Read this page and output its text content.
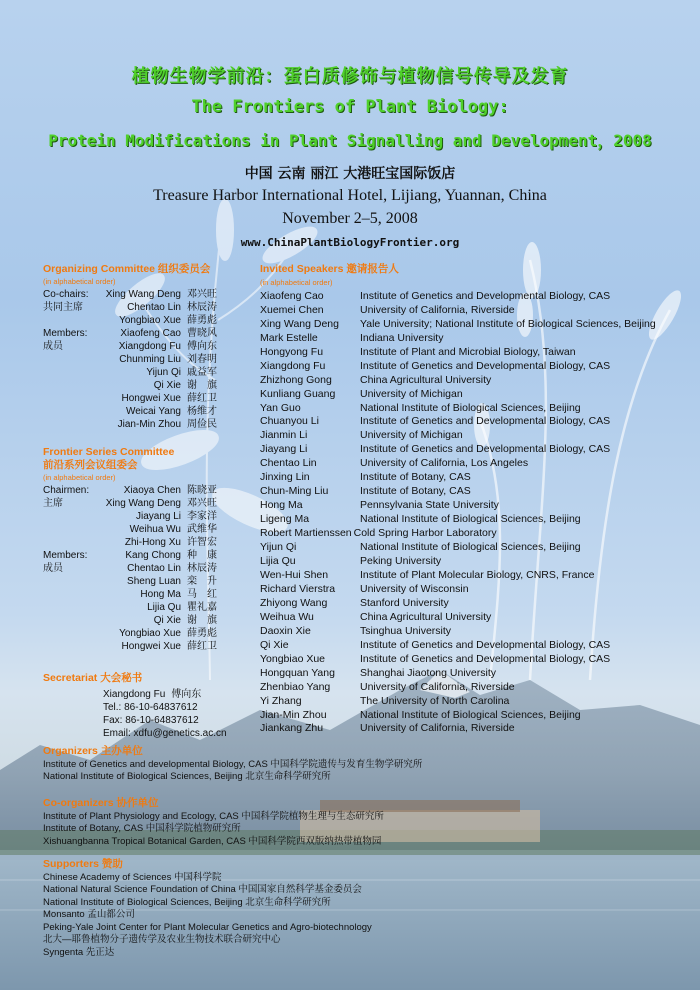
植物生物学前沿：蛋白质修饰与植物信号传导及发育
The Frontiers of Plant Biology:
Protein Modifications in Plant Signalling and Development，2008
中国 云南 丽江 大港旺宝国际饭店
Treasure Harbor International Hotel, Lijiang, Yuannan, China
November 2–5, 2008
www.ChinaPlantBiologyFrontier.org
Organizing Committee 组织委员会
(in alphabetical order)
Co-chairs:	Xing Wang Deng 邓兴旺
共同主席	Chentao Lin 林辰涛
Yongbiao Xue 薛勇彪
Members:	Xiaofeng Cao 曹晓风
成员	Xiangdong Fu 傅向东
Chunming Liu 刘春明
Yijun Qi 戚益军
Qi Xie 谢　旗
Hongwei Xue 薛红卫
Weicai Yang 杨维才
Jian-Min Zhou 周俭民
Frontier Series Committee
前沿系列会议组委会
(in alphabetical order)
Chairmen:	Xiaoya Chen 陈晓亚
主席	Xing Wang Deng 邓兴旺
Jiayang Li 李家洋
Weihua Wu 武维华
Zhi-Hong Xu 许智宏
Members:	Kang Chong 种　康
成员	Chentao Lin 林辰涛
Sheng Luan 栾　升
Hong Ma 马　红
Lijia Qu 瞿礼嘉
Qi Xie 谢　旗
Yongbiao Xue 薛勇彪
Hongwei Xue 薛红卫
Secretariat 大会秘书
Xiangdong Fu 傅向东
Tel.: 86-10-64837612
Fax: 86-10-64837612
Email: xdfu@genetics.ac.cn
Invited Speakers 邀请报告人
(in alphabetical order)
Xiaofeng Cao	Institute of Genetics and Developmental Biology, CAS
Xuemei Chen	University of California, Riverside
Xing Wang Deng	Yale University; National Institute of Biological Sciences, Beijing
Mark Estelle	Indiana University
Hongyong Fu	Institute of Plant and Microbial Biology, Taiwan
Xiangdong Fu	Institute of Genetics and Developmental Biology, CAS
Zhizhong Gong	China Agricultural University
Kunliang Guang	University of Michigan
Yan Guo	National Institute of Biological Sciences, Beijing
Chuanyou Li	Institute of Genetics and Developmental Biology, CAS
Jianmin Li	University of Michigan
Jiayang Li	Institute of Genetics and Developmental Biology, CAS
Chentao Lin	University of California, Los Angeles
Jinxing Lin	Institute of Botany, CAS
Chun-Ming Liu	Institute of Botany, CAS
Hong Ma	Pennsylvania State University
Ligeng Ma	National Institute of Biological Sciences, Beijing
Robert Martienssen Cold Spring Harbor Laboratory
Yijun Qi	National Institute of Biological Sciences, Beijing
Lijia Qu	Peking University
Wen-Hui Shen	Institute of Plant Molecular Biology, CNRS, France
Richard Vierstra	University of Wisconsin
Zhiyong Wang	Stanford University
Weihua Wu	China Agricultural University
Daoxin Xie	Tsinghua University
Qi Xie	Institute of Genetics and Developmental Biology, CAS
Yongbiao Xue	Institute of Genetics and Developmental Biology, CAS
Hongquan Yang	Shanghai Jiaotong University
Zhenbiao Yang	University of California, Riverside
Yi Zhang	The University of North Carolina
Jian-Min Zhou	National Institute of Biological Sciences, Beijing
Jiankang Zhu	University of California, Riverside
Organizers 主办单位
Institute of Genetics and developmental Biology, CAS 中国科学院遗传与发育生物学研究所
National Institute of Biological Sciences, Beijing 北京生命科学研究所
Co-organizers 协作单位
Institute of Plant Physiology and Ecology, CAS 中国科学院植物生理与生态研究所
Institute of Botany, CAS 中国科学院植物研究所
Xishuangbanna Tropical Botanical Garden, CAS 中国科学院西双版纳热带植物园
Supporters 赞助
Chinese Academy of Sciences 中国科学院
National Natural Science Foundation of China 中国国家自然科学基金委员会
National Institute of Biological Sciences, Beijing 北京生命科学研究所
Monsanto 孟山都公司
Peking-Yale Joint Center for Plant Molecular Genetics and Agro-biotechnology
北大—耶鲁植物分子遗传学及农业生物技术联合研究中心
Syngenta 先正达
